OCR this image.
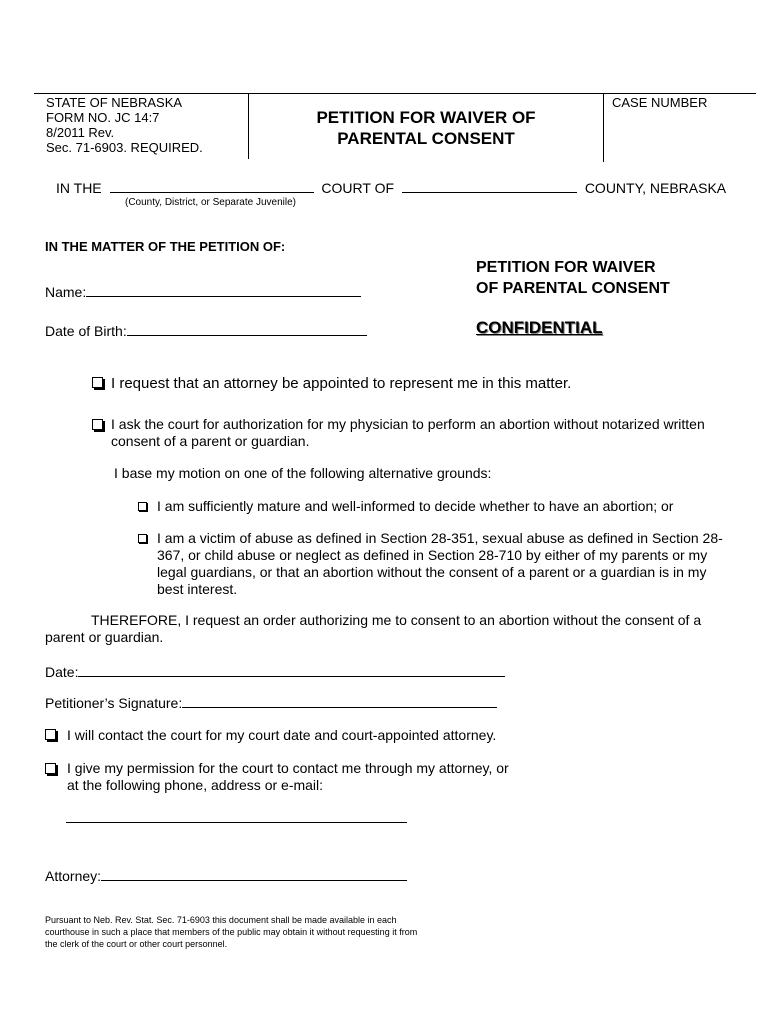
STATE OF NEBRASKA
FORM NO. JC 14:7
8/2011 Rev.
Sec. 71-6903. REQUIRED.
PETITION FOR WAIVER OF
PARENTAL CONSENT
CASE NUMBER
IN THE	COURT OF	COUNTY, NEBRASKA
(County, District, or Separate Juvenile)
IN THE MATTER OF THE PETITION OF:
Name:
Date of Birth:
PETITION FOR WAIVER
OF PARENTAL CONSENT
CONFIDENTIAL
I request that an attorney be appointed to represent me in this matter.
I ask the court for authorization for my physician to perform an abortion without notarized written consent of a parent or guardian.
I base my motion on one of the following alternative grounds:
I am sufficiently mature and well-informed to decide whether to have an abortion; or
I am a victim of abuse as defined in Section 28-351, sexual abuse as defined in Section 28-367, or child abuse or neglect as defined in Section 28-710 by either of my parents or my legal guardians, or that an abortion without the consent of a parent or a guardian is in my best interest.
THEREFORE, I request an order authorizing me to consent to an abortion without the consent of a parent or guardian.
Date:
Petitioner’s Signature:
I will contact the court for my court date and court-appointed attorney.
I give my permission for the court to contact me through my attorney, or at the following phone, address or e-mail:
Attorney:
Pursuant to Neb. Rev. Stat. Sec. 71-6903 this document shall be made available in each courthouse in such a place that members of the public may obtain it without requesting it from the clerk of the court or other court personnel.
